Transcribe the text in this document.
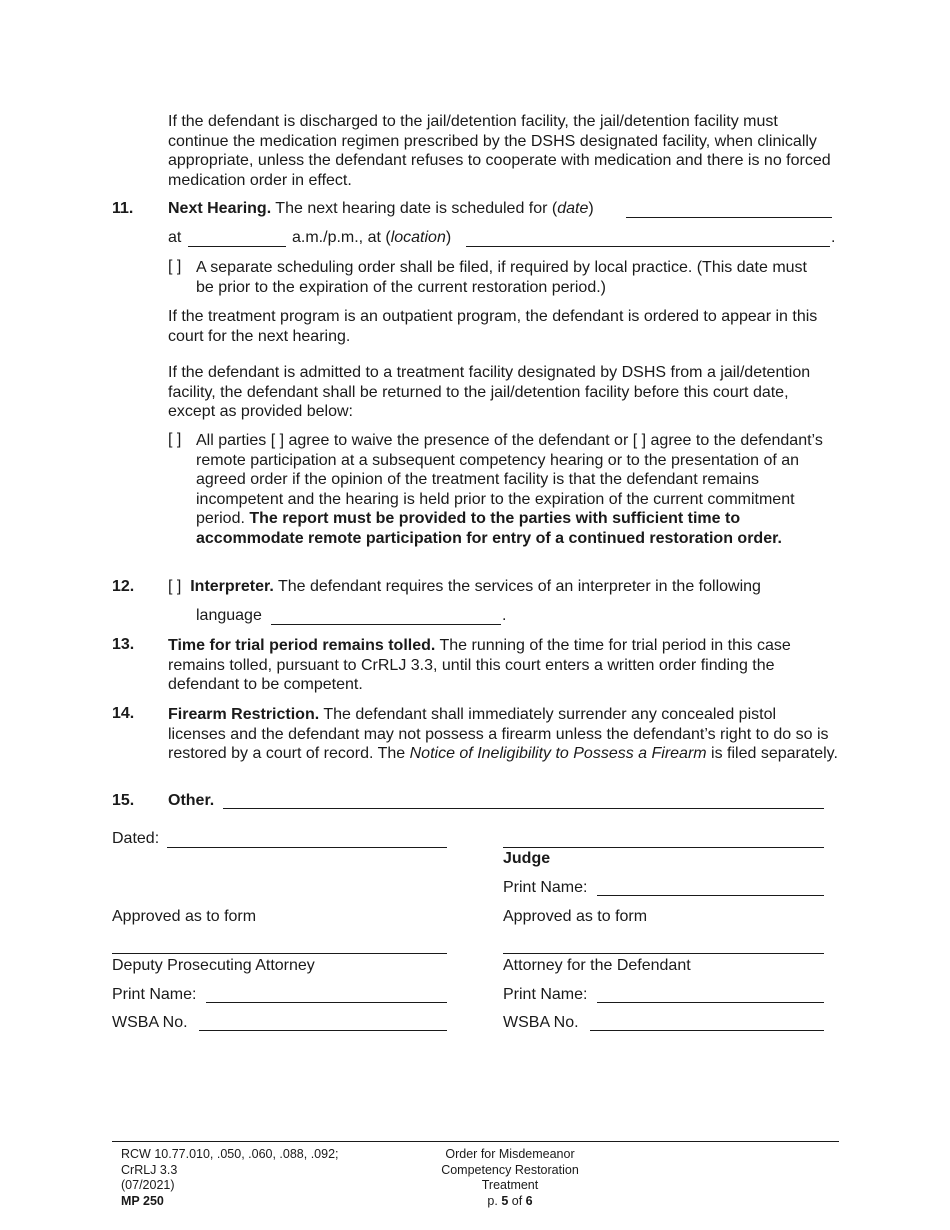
If the defendant is discharged to the jail/detention facility, the jail/detention facility must continue the medication regimen prescribed by the DSHS designated facility, when clinically appropriate, unless the defendant refuses to cooperate with medication and there is no forced medication order in effect.

11. Next Hearing. The next hearing date is scheduled for (date)
at	a.m./p.m., at (location)	.
[ ] A separate scheduling order shall be filed, if required by local practice. (This date must be prior to the expiration of the current restoration period.)

If the treatment program is an outpatient program, the defendant is ordered to appear in this court for the next hearing.

If the defendant is admitted to a treatment facility designated by DSHS from a jail/detention facility, the defendant shall be returned to the jail/detention facility before this court date, except as provided below:

[ ] All parties [ ] agree to waive the presence of the defendant or [ ] agree to the defendant’s remote participation at a subsequent competency hearing or to the presentation of an agreed order if the opinion of the treatment facility is that the defendant remains incompetent and the hearing is held prior to the expiration of the current commitment period. The report must be provided to the parties with sufficient time to accommodate remote participation for entry of a continued restoration order.

12. [ ] Interpreter. The defendant requires the services of an interpreter in the following
language	.
13. Time for trial period remains tolled. The running of the time for trial period in this case remains tolled, pursuant to CrRLJ 3.3, until this court enters a written order finding the defendant to be competent.

14. Firearm Restriction. The defendant shall immediately surrender any concealed pistol licenses and the defendant may not possess a firearm unless the defendant’s right to do so is restored by a court of record. The Notice of Ineligibility to Possess a Firearm is filed separately.

15. Other.
Dated:
Judge
Print Name:
Approved as to form	Approved as to form
Deputy Prosecuting Attorney	Attorney for the Defendant
Print Name:	Print Name:
WSBA No.	WSBA No.
RCW 10.77.010, .050, .060, .088, .092;
CrRLJ 3.3
(07/2021)
MP 250
Order for Misdemeanor
Competency Restoration
Treatment
p. 5 of 6
